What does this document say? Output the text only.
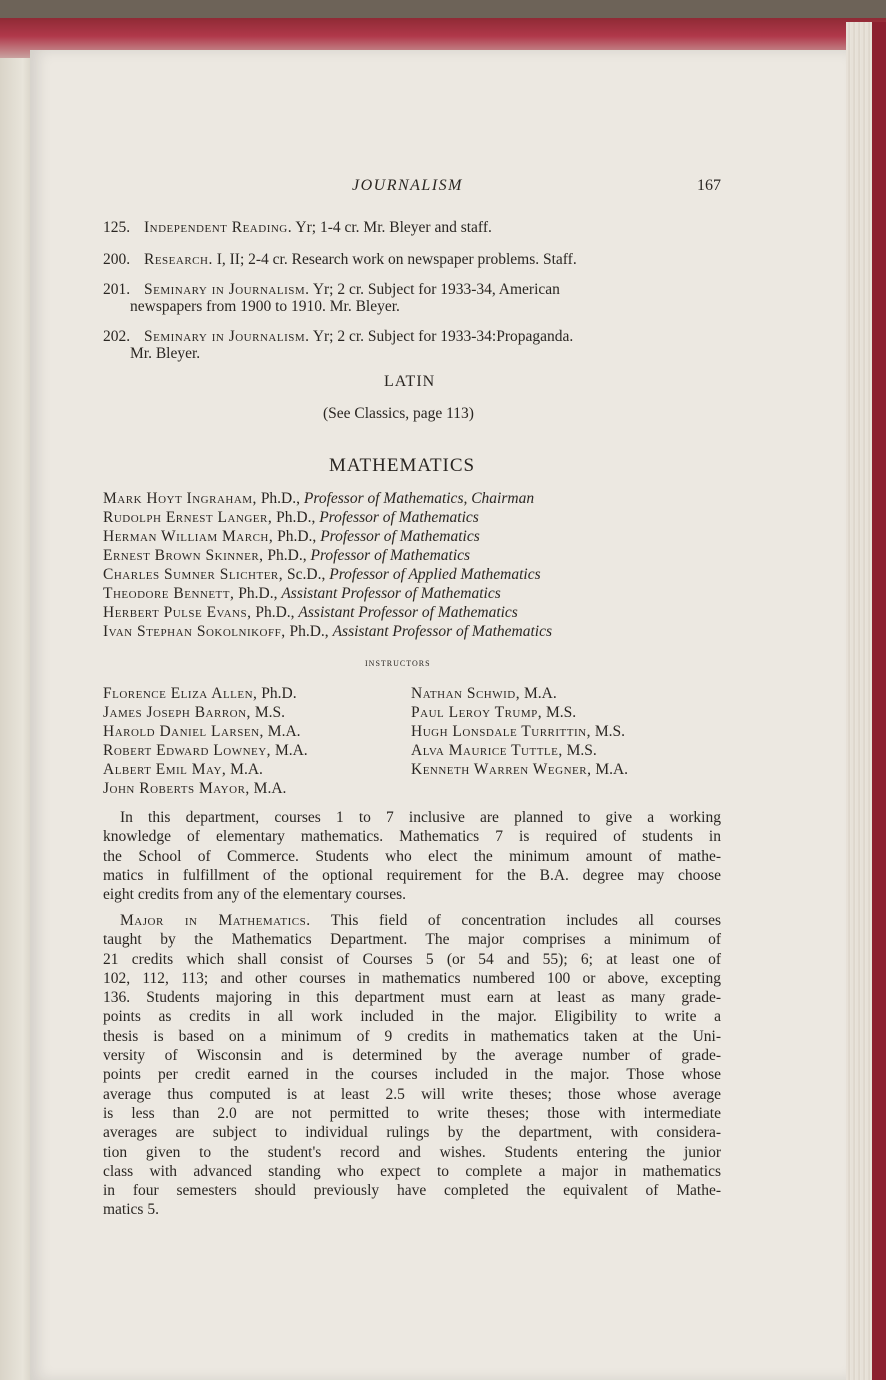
JOURNALISM	167
125. Independent Reading. Yr; 1-4 cr. Mr. Bleyer and staff.
200. Research. I, II; 2-4 cr. Research work on newspaper problems. Staff.
201. Seminary in Journalism. Yr; 2 cr. Subject for 1933-34, American
newspapers from 1900 to 1910. Mr. Bleyer.
202. Seminary in Journalism. Yr; 2 cr. Subject for 1933-34:Propaganda.
Mr. Bleyer.
LATIN
(See Classics, page 113)
MATHEMATICS
Mark Hoyt Ingraham, Ph.D., Professor of Mathematics, Chairman
Rudolph Ernest Langer, Ph.D., Professor of Mathematics
Herman William March, Ph.D., Professor of Mathematics
Ernest Brown Skinner, Ph.D., Professor of Mathematics
Charles Sumner Slichter, Sc.D., Professor of Applied Mathematics
Theodore Bennett, Ph.D., Assistant Professor of Mathematics
Herbert Pulse Evans, Ph.D., Assistant Professor of Mathematics
Ivan Stephan Sokolnikoff, Ph.D., Assistant Professor of Mathematics
instructors
Florence Eliza Allen, Ph.D.
James Joseph Barron, M.S.
Harold Daniel Larsen, M.A.
Robert Edward Lowney, M.A.
Albert Emil May, M.A.
John Roberts Mayor, M.A.
Nathan Schwid, M.A.
Paul Leroy Trump, M.S.
Hugh Lonsdale Turrittin, M.S.
Alva Maurice Tuttle, M.S.
Kenneth Warren Wegner, M.A.
In this department, courses 1 to 7 inclusive are planned to give a working
knowledge of elementary mathematics. Mathematics 7 is required of students in
the School of Commerce. Students who elect the minimum amount of mathe-
matics in fulfillment of the optional requirement for the B.A. degree may choose
eight credits from any of the elementary courses.
Major in Mathematics. This field of concentration includes all courses
taught by the Mathematics Department. The major comprises a minimum of
21 credits which shall consist of Courses 5 (or 54 and 55); 6; at least one of
102, 112, 113; and other courses in mathematics numbered 100 or above, excepting
136. Students majoring in this department must earn at least as many grade-
points as credits in all work included in the major. Eligibility to write a
thesis is based on a minimum of 9 credits in mathematics taken at the Uni-
versity of Wisconsin and is determined by the average number of grade-
points per credit earned in the courses included in the major. Those whose
average thus computed is at least 2.5 will write theses; those whose average
is less than 2.0 are not permitted to write theses; those with intermediate
averages are subject to individual rulings by the department, with considera-
tion given to the student's record and wishes. Students entering the junior
class with advanced standing who expect to complete a major in mathematics
in four semesters should previously have completed the equivalent of Mathe-
matics 5.
